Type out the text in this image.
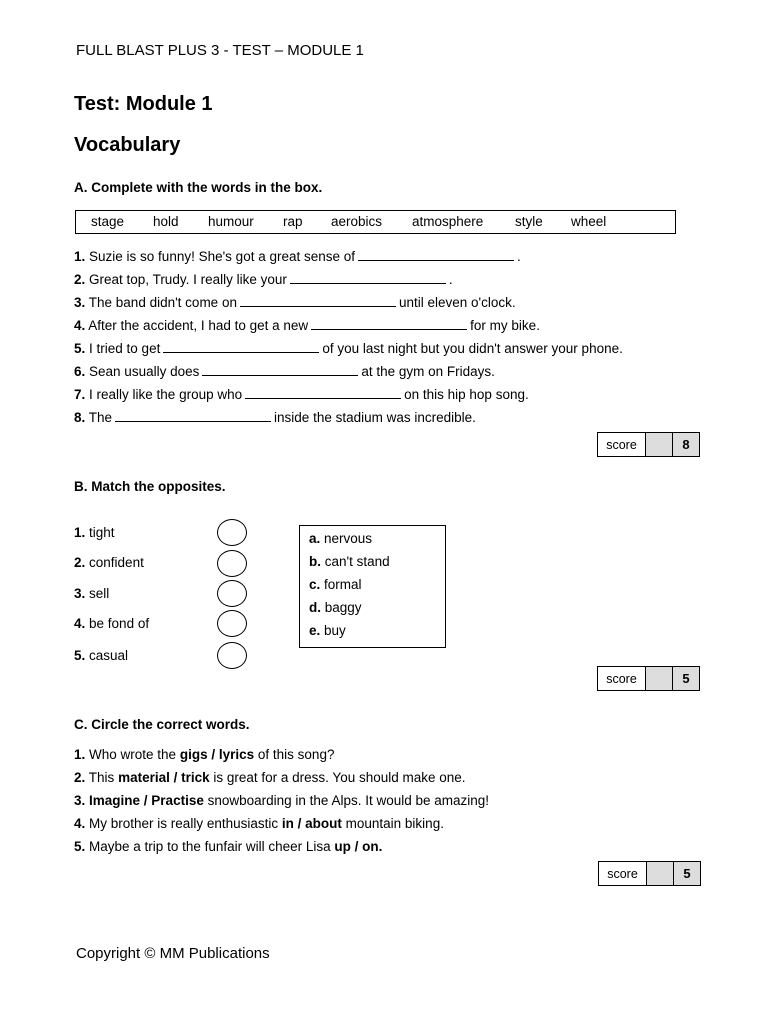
FULL BLAST PLUS 3 - TEST – MODULE 1
Test: Module 1
Vocabulary
A. Complete with the words in the box.
stage hold humour rap aerobics atmosphere style wheel
1. Suzie is so funny! She's got a great sense of	.
2. Great top, Trudy. I really like your	.
3. The band didn't come on	until eleven o'clock.
4. After the accident, I had to get a new	for my bike.
5. I tried to get	of you last night but you didn't answer your phone.
6. Sean usually does	at the gym on Fridays.
7. I really like the group who	on this hip hop song.
8. The	inside the stadium was incredible.
score	8
B. Match the opposites.
1. tight
2. confident
3. sell
4. be fond of
5. casual
a. nervous
b. can't stand
c. formal
d. baggy
e. buy
score	5
C. Circle the correct words.
1. Who wrote the gigs / lyrics of this song?
2. This material / trick is great for a dress. You should make one.
3. Imagine / Practise snowboarding in the Alps. It would be amazing!
4. My brother is really enthusiastic in / about mountain biking.
5. Maybe a trip to the funfair will cheer Lisa up / on.
score	5
Copyright © MM Publications
